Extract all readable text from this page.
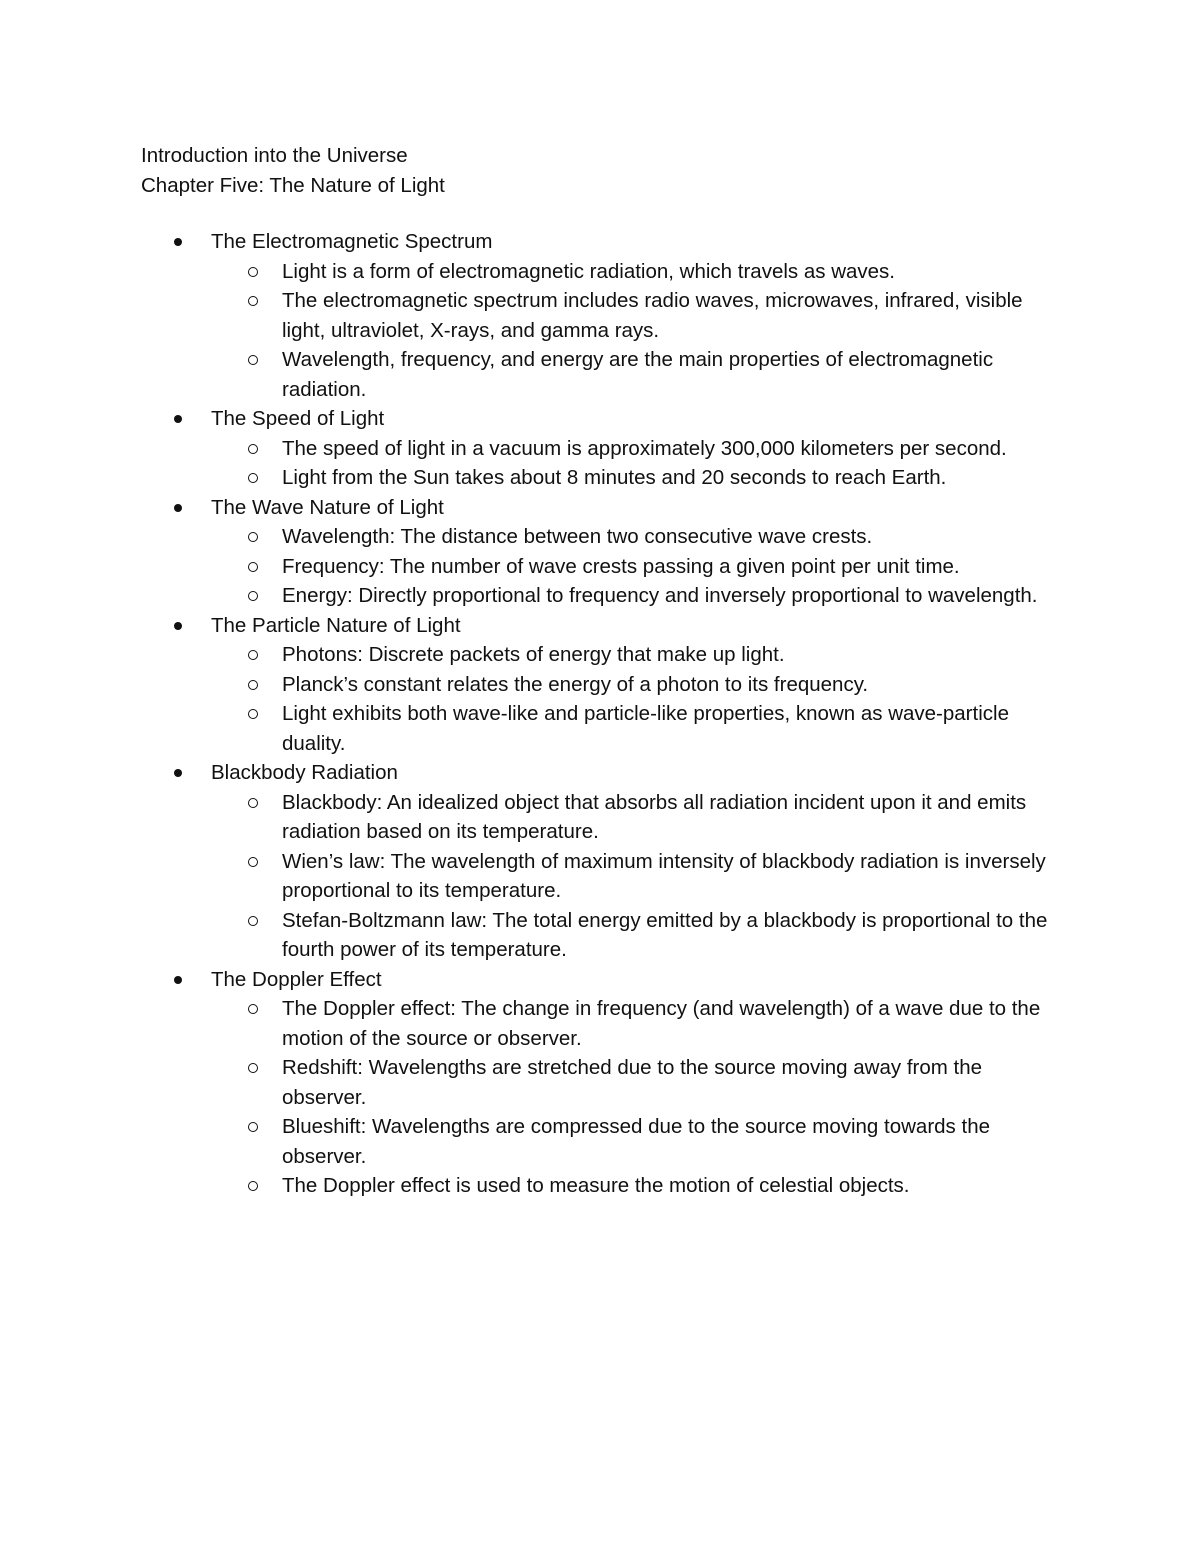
Introduction into the Universe

Chapter Five: The Nature of Light

The Electromagnetic Spectrum
Light is a form of electromagnetic radiation, which travels as waves.
The electromagnetic spectrum includes radio waves, microwaves, infrared, visible light, ultraviolet, X-rays, and gamma rays.
Wavelength, frequency, and energy are the main properties of electromagnetic radiation.
The Speed of Light
The speed of light in a vacuum is approximately 300,000 kilometers per second.
Light from the Sun takes about 8 minutes and 20 seconds to reach Earth.
The Wave Nature of Light
Wavelength: The distance between two consecutive wave crests.
Frequency: The number of wave crests passing a given point per unit time.
Energy: Directly proportional to frequency and inversely proportional to wavelength.
The Particle Nature of Light
Photons: Discrete packets of energy that make up light.
Planck’s constant relates the energy of a photon to its frequency.
Light exhibits both wave-like and particle-like properties, known as wave-particle duality.
Blackbody Radiation
Blackbody: An idealized object that absorbs all radiation incident upon it and emits radiation based on its temperature.
Wien’s law: The wavelength of maximum intensity of blackbody radiation is inversely proportional to its temperature.
Stefan-Boltzmann law: The total energy emitted by a blackbody is proportional to the fourth power of its temperature.
The Doppler Effect
The Doppler effect: The change in frequency (and wavelength) of a wave due to the motion of the source or observer.
Redshift: Wavelengths are stretched due to the source moving away from the observer.
Blueshift: Wavelengths are compressed due to the source moving towards the observer.
The Doppler effect is used to measure the motion of celestial objects.
